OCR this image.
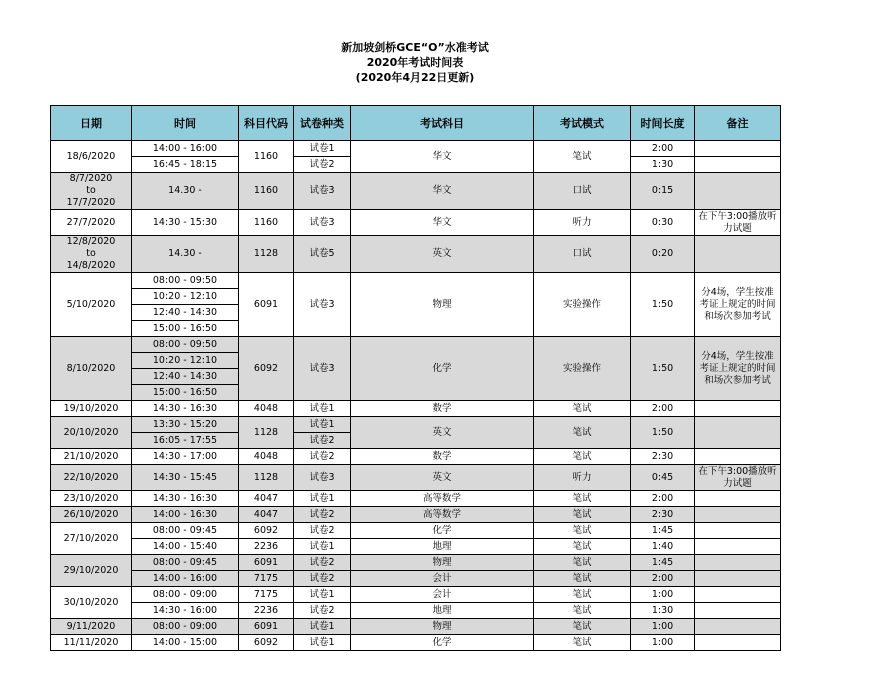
新加坡剑桥GCE“O”水准考试
2020年考试时间表
(2020年4月22日更新)
日期	时间	科目代码	试卷种类	考试科目	考试模式	时间长度	备注
18/6/2020	14:00 - 16:00	1160	试卷1	华文	笔试	2:00	
	16:45 - 18:15		试卷2			1:30	
8/7/2020
to
17/7/2020	14.30 -	1160	试卷3	华文	口试	0:15	
27/7/2020	14:30 - 15:30	1160	试卷3	华文	听力	0:30	在下午3:00播放听力试题
12/8/2020
to
14/8/2020	14.30 -	1128	试卷5	英文	口试	0:20	
5/10/2020	08:00 - 09:50	6091	试卷3	物理	实验操作	1:50	分4场，学生按准考证上规定的时间和场次参加考试
	10:20 - 12:10						
	12:40 - 14:30						
	15:00 - 16:50						
8/10/2020	08:00 - 09:50	6092	试卷3	化学	实验操作	1:50	分4场，学生按准考证上规定的时间和场次参加考试
	10:20 - 12:10						
	12:40 - 14:30						
	15:00 - 16:50						
19/10/2020	14:30 - 16:30	4048	试卷1	数学	笔试	2:00	
20/10/2020	13:30 - 15:20	1128	试卷1	英文	笔试	1:50	
	16:05 - 17:55		试卷2				
21/10/2020	14:30 - 17:00	4048	试卷2	数学	笔试	2:30	
22/10/2020	14:30 - 15:45	1128	试卷3	英文	听力	0:45	在下午3:00播放听力试题
23/10/2020	14:30 - 16:30	4047	试卷1	高等数学	笔试	2:00	
26/10/2020	14:00 - 16:30	4047	试卷2	高等数学	笔试	2:30	
27/10/2020	08:00 - 09:45	6092	试卷2	化学	笔试	1:45	
	14:00 - 15:40	2236	试卷1	地理	笔试	1:40	
29/10/2020	08:00 - 09:45	6091	试卷2	物理	笔试	1:45	
	14:00 - 16:00	7175	试卷2	会计	笔试	2:00	
30/10/2020	08:00 - 09:00	7175	试卷1	会计	笔试	1:00	
	14:30 - 16:00	2236	试卷2	地理	笔试	1:30	
9/11/2020	08:00 - 09:00	6091	试卷1	物理	笔试	1:00	
11/11/2020	14:00 - 15:00	6092	试卷1	化学	笔试	1:00	
